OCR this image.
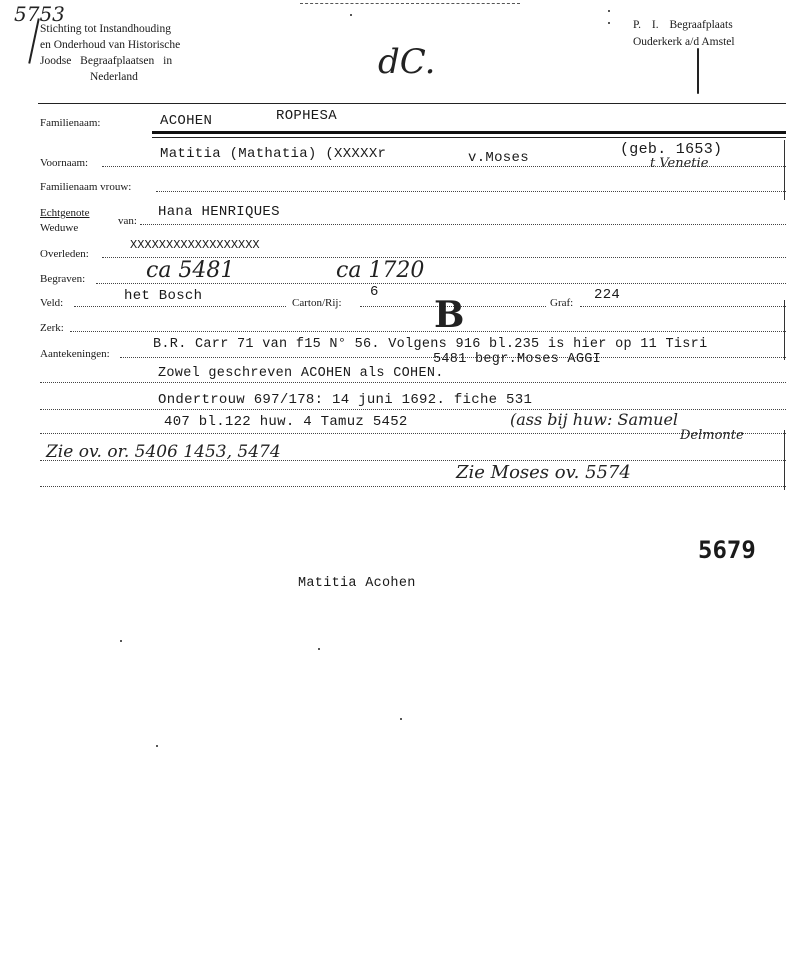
5753
Stichting tot Instandhouding
en Onderhoud van Historische
Joodse Begraafplaatsen in
Nederland	dC.
P. I. Begraafplaats
Ouderkerk a/d Amstel
Familienaam:	ACOHEN	ROPHESA
Voornaam:
Matitia (Mathatia) (XXXXXr	v.Moses	(geb. 1653)
t Venetie
Familienaam vrouw:
Echtgenote
Weduwe
van:
Hana HENRIQUES
Overleden:
XXXXXXXXXXXXXXXXXX
Begraven:	ca 5481	ca 1720
Veld:	het Bosch	Carton/Rij:
6
Graf: 224
Zerk:	B
Aantekeningen:
B.R. Carr 71 van f15 N° 56. Volgens 916 bl.235 is hier op 11 Tisri
5481 begr.Moses AGGI
Zowel geschreven ACOHEN als COHEN.
Ondertrouw 697/178: 14 juni 1692. fiche 531
407 bl.122 huw. 4 Tamuz 5452	(ass bij huw: Samuel
Delmonte
Zie ov. or. 5406 1453, 5474
Zie Moses ov. 5574
5679
Matitia Acohen
